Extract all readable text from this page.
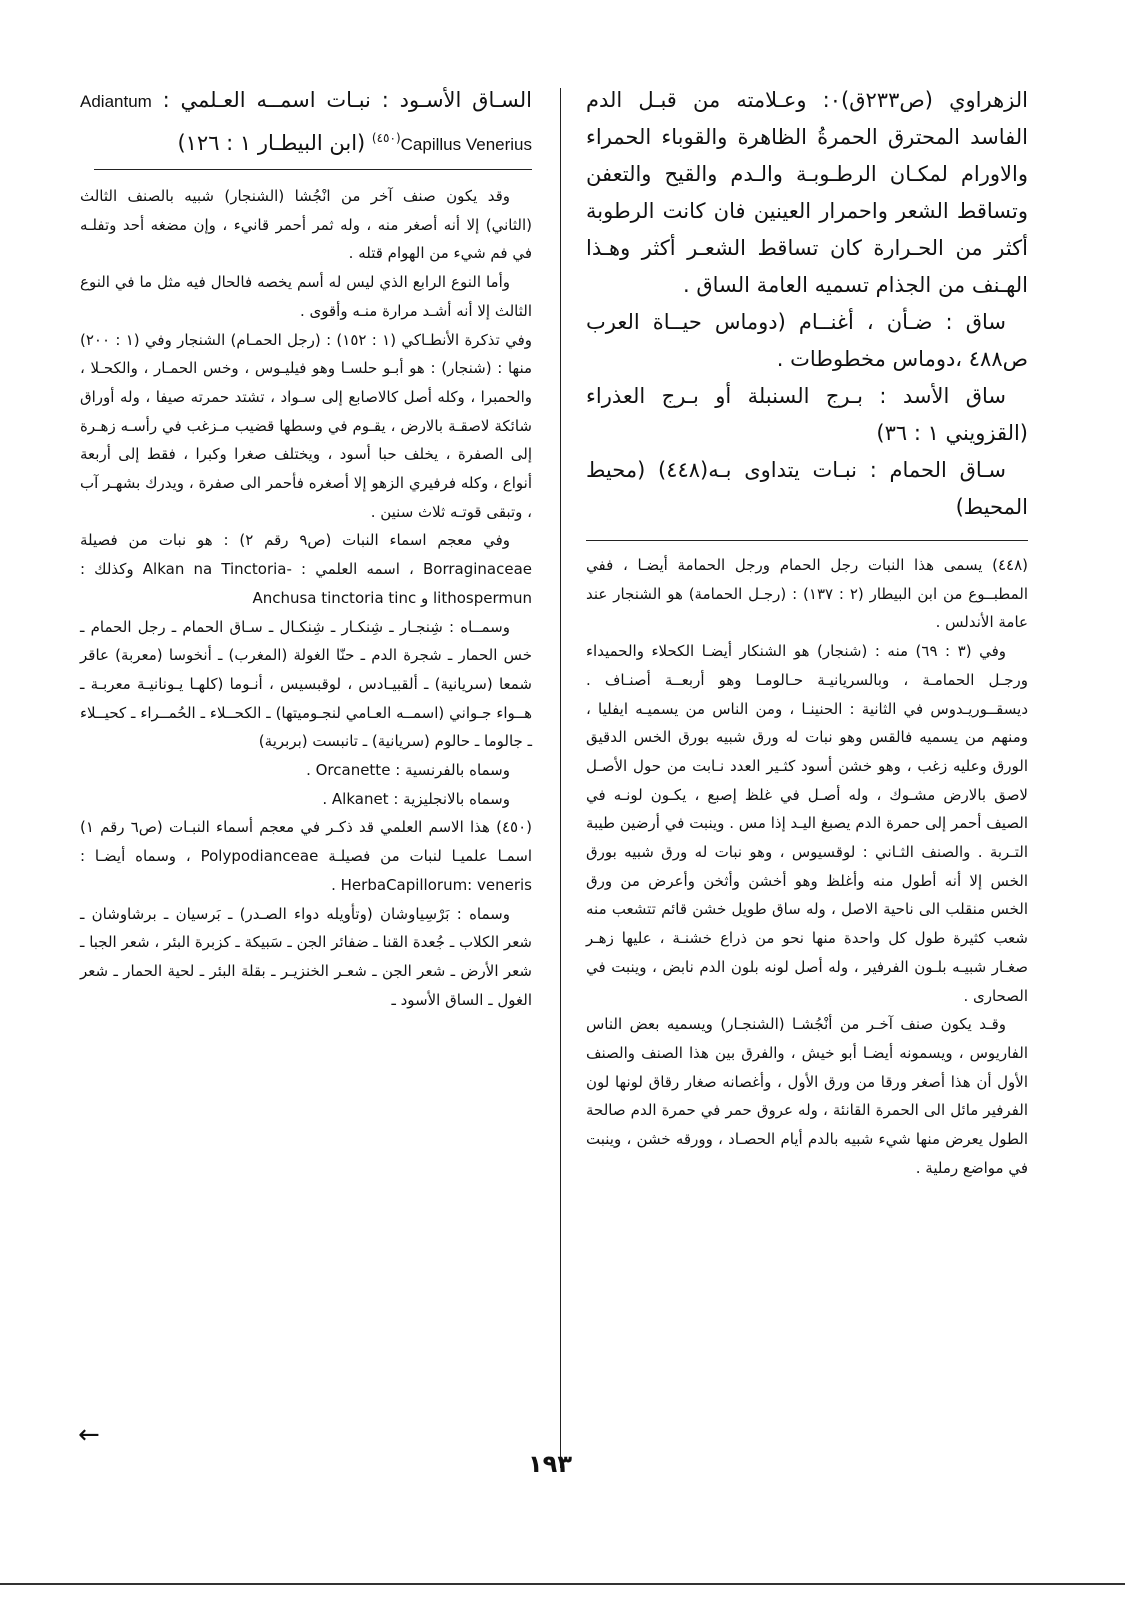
الزهراوي (ص٢٣٣ق)٠: وعـلامته من قبـل الدم الفاسد المحترق الحمرةُ الظاهرة والقوباء الحمراء والاورام لمكـان الرطـوبـة والـدم والقيح والتعفن وتساقط الشعر واحمرار العينين فان كانت الرطوبة أكثر من الحـرارة كان تساقط الشعـر أكثر وهـذا الهـنف من الجذام تسميه العامة الساق .

ساق : ضـأن ، أغنــام (دوماس حيــاة العرب ص٤٨٨ ،دوماس مخطوطات .

ساق الأسد : بـرج السنبلة أو بـرج العذراء (القزويني ١ : ٣٦)

سـاق الحمام : نبـات يتداوى بـه(٤٤٨) (محيط المحيط)

(٤٤٨) يسمى هذا النبات رجل الحمام ورجل الحمامة أيضـا ، ففي المطبــوع من ابن البيطار (٢ : ١٣٧) : (رجـل الحمامة) هو الشنجار عند عامة الأندلس .

وفي (٣ : ٦٩) منه : (شنجار) هو الشنكار أيضـا الكحلاء والحميداء ورجـل الحمامـة ، وبالسريانيـة حـالومـا وهو أربعــة أصنـاف . ديسقــوريـدوس في الثانية : الحنينـا ، ومن الناس من يسميـه ايفليا ، ومنهم من يسميه فالقس وهو نبات له ورق شبيه بورق الخس الدقيق الورق وعليه زغب ، وهو خشن أسود كثـير العدد نـابت من حول الأصـل لاصق بالارض مشـوك ، وله أصـل في غلظ إصبع ، يكـون لونـه في الصيف أحمر إلى حمرة الدم يصبغ اليـد إذا مس . وينبت في أرضين طيبة التـربة . والصنف الثـاني : لوقسيوس ، وهو نبات له ورق شبيه بورق الخس إلا أنه أطول منه وأغلظ وهو أخشن وأثخن وأعرض من ورق الخس منقلب الى ناحية الاصل ، وله ساق طويل خشن قائم تتشعب منه شعب كثيرة طول كل واحدة منها نحو من ذراع خشنـة ، عليها زهـر صغـار شبيـه بلـون الفرفير ، وله أصل لونه بلون الدم نابض ، وينبت في الصحارى .

وقـد يكون صنف آخـر من أنْجُشـا (الشنجـار) ويسميه بعض الناس الفاريوس ، ويسمونه أيضـا أبو خيش ، والفرق بين هذا الصنف والصنف الأول أن هذا أصغر ورقا من ورق الأول ، وأغصانه صغار رقاق لونها لون الفرفير مائل الى الحمرة القانئة ، وله عروق حمر في حمرة الدم صالحة الطول يعرض منها شيء شبيه بالدم أيام الحصـاد ، وورقه خشن ، وينبت في مواضع رملية .

السـاق الأسـود : نبـات اسمــه العـلمي : Adiantum Capillus Venerius$^{(٤٥٠)}$ (ابن البيطـار ١ : ١٢٦)

وقد يكون صنف آخر من انْجُشا (الشنجار) شبيه بالصنف الثالث (الثاني) إلا أنه أصغر منه ، وله ثمر أحمر قانيء ، وإن مضغه أحد وتفلـه في فم شيء من الهوام قتله .

وأما النوع الرابع الذي ليس له أسم يخصه فالحال فيه مثل ما في النوع الثالث إلا أنه أشـد مرارة منـه وأقوى .

وفي تذكرة الأنطـاكي (١ : ١٥٢) : (رجل الحمـام) الشنجار وفي (١ : ٢٠٠) منها : (شنجار) : هو أبـو حلسـا وهو فيليـوس ، وخس الحمـار ، والكحـلا ، والحمبرا ، وكله أصل كالاصابع إلى سـواد ، تشتد حمرته صيفا ، وله أوراق شائكة لاصقـة بالارض ، يقـوم في وسطها قضيب مـزغب في رأسـه زهـرة إلى الصفرة ، يخلف حبا أسود ، ويختلف صغرا وكبرا ، فقط إلى أربعة أنواع ، وكله فرفيري الزهو إلا أصغره فأحمر الى صفرة ، ويدرك بشهـر آب ، وتبقى قوتـه ثلاث سنين .

وفي معجم اسماء النبات (ص٩ رقم ٢) : هو نبات من فصيلة Borraginaceae ، اسمه العلمي : -Alkan na Tinctoria وكذلك : lithospermun و Anchusa tinctoria tinc

وسمــاه : شِنجـار ـ شِنكـار ـ شِنكـال ـ سـاق الحمام ـ رجل الحمام ـ خس الحمار ـ شجرة الدم ـ حنّا الغولة (المغرب) ـ أنخوسا (معربة) عاقر شمعا (سريانية) ـ ألقبيـادس ، لوقبسيس ، أنـوما (كلهـا يـونانيـة معربـة ـ هــواء جـواني (اسمــه العـامي لنجـوميتها) ـ الكحــلاء ـ الحُمــراء ـ كحيــلاء ـ جالوما ـ حالوم (سريانية) ـ تانبست (بربرية)

وسماه بالفرنسية : Orcanette .

وسماه بالانجليزية : Alkanet .

(٤٥٠) هذا الاسم العلمي قد ذكـر في معجم أسماء النبـات (ص٦ رقم ١) اسمـا علميـا لنبات من فصيلـة Polypodianceae ، وسماه أيضـا : HerbaCapillorum: veneris .

وسماه : بَرْسِياوشان (وتأويله دواء الصـدر) ـ بَرسيان ـ برشاوشان ـ شعر الكلاب ـ جُعدة القنا ـ ضفائر الجن ـ سَبيكة ـ كزبرة البئر ، شعر الجبا ـ شعر الأرض ـ شعر الجن ـ شعـر الخنزيـر ـ بقلة البئر ـ لحية الحمار ـ شعر الغول ـ الساق الأسود ـ

←
١٩٣
